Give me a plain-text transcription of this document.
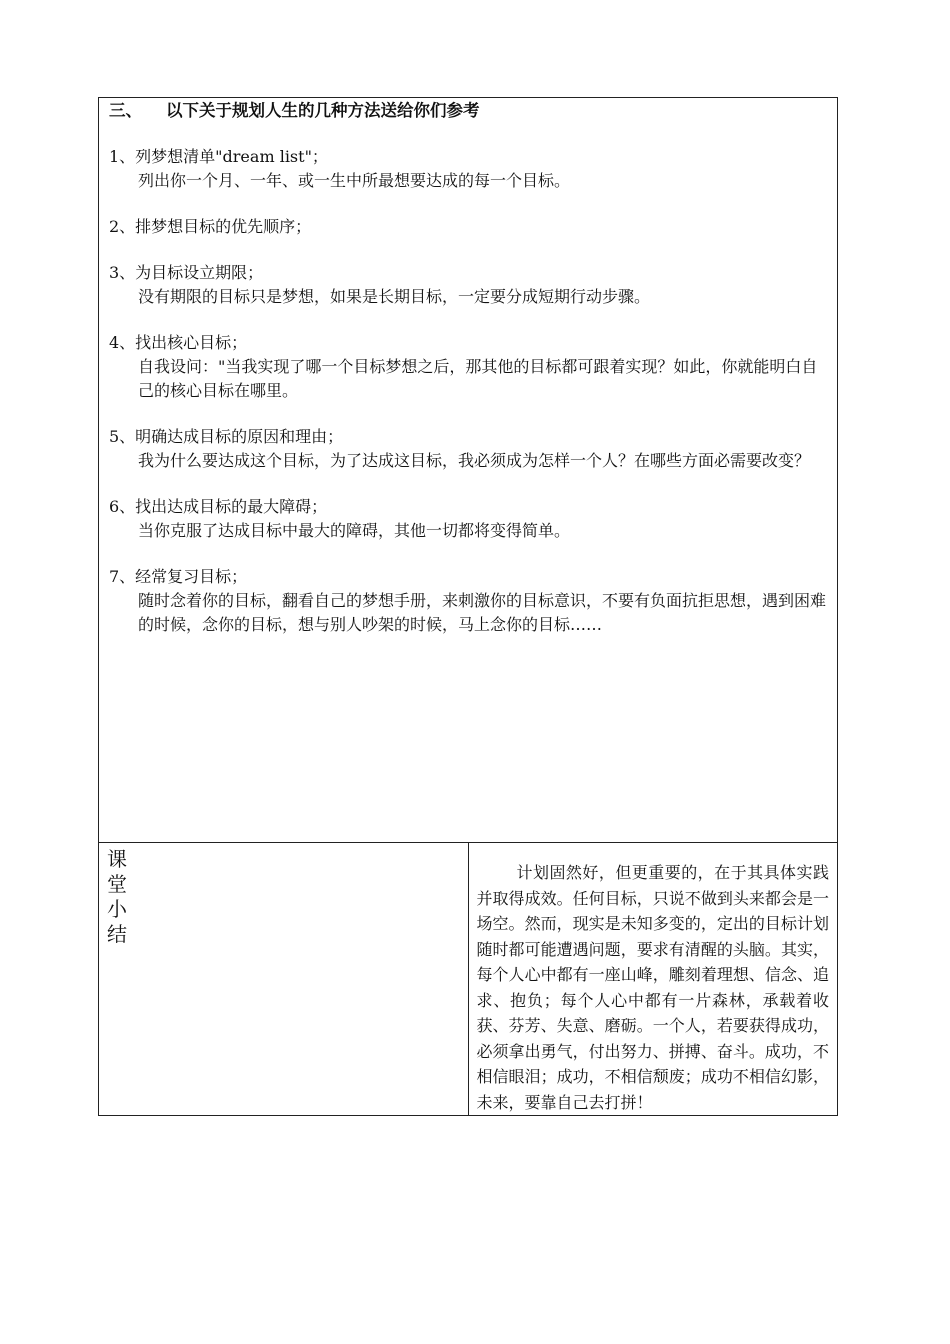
三、	以下关于规划人生的几种方法送给你们参考
1、列梦想清单"dream list"；
列出你一个月、一年、或一生中所最想要达成的每一个目标。
2、排梦想目标的优先顺序；
3、为目标设立期限；
没有期限的目标只是梦想，如果是长期目标，一定要分成短期行动步骤。
4、找出核心目标；
自我设问："当我实现了哪一个目标梦想之后，那其他的目标都可跟着实现？如此，你就能明白自己的核心目标在哪里。
5、明确达成目标的原因和理由；
我为什么要达成这个目标，为了达成这目标，我必须成为怎样一个人？在哪些方面必需要改变？
6、找出达成目标的最大障碍；
当你克服了达成目标中最大的障碍，其他一切都将变得简单。
7、经常复习目标；
随时念着你的目标，翻看自己的梦想手册，来刺激你的目标意识，不要有负面抗拒思想，遇到困难的时候，念你的目标，想与别人吵架的时候，马上念你的目标……

课堂小结

计划固然好，但更重要的，在于其具体实践并取得成效。任何目标，只说不做到头来都会是一场空。然而，现实是未知多变的，定出的目标计划随时都可能遭遇问题，要求有清醒的头脑。其实，每个人心中都有一座山峰，雕刻着理想、信念、追求、抱负；每个人心中都有一片森林，承载着收获、芬芳、失意、磨砺。一个人，若要获得成功，必须拿出勇气，付出努力、拼搏、奋斗。成功，不相信眼泪；成功，不相信颓废；成功不相信幻影，未来，要靠自己去打拼！
